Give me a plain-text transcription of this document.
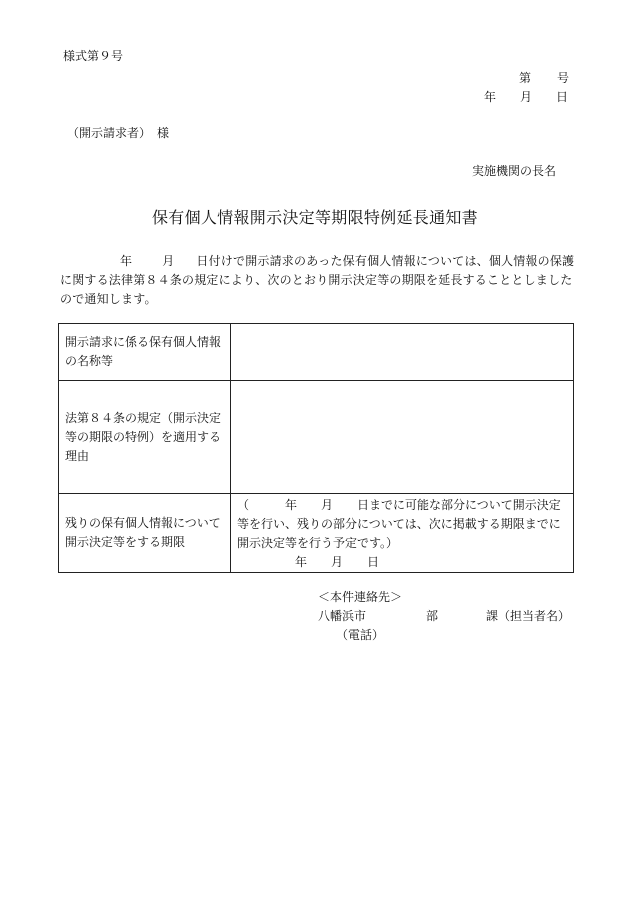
様式第９号
第 号
年 月 日
（開示請求者）　様
実施機関の長名
保有個人情報開示決定等期限特例延長通知書
年	月 日付けで開示請求のあった保有個人情報については、個人情報の保護に関する法律第８４条の規定により、次のとおり開示決定等の期限を延長することとしましたので通知します。
開示請求に係る保有個人情報の名称等	
法第８４条の規定（開示決定等の期限の特例）を適用する理由	
残りの保有個人情報について開示決定等をする期限	（　　　年　　月　　日までに可能な部分について開示決定等を行い、残りの部分については、次に掲載する期限までに開示決定等を行う予定です。）
年　　月　　日
＜本件連絡先＞
八幡浜市　　　　　部　　　　課（担当者名）
（電話）
